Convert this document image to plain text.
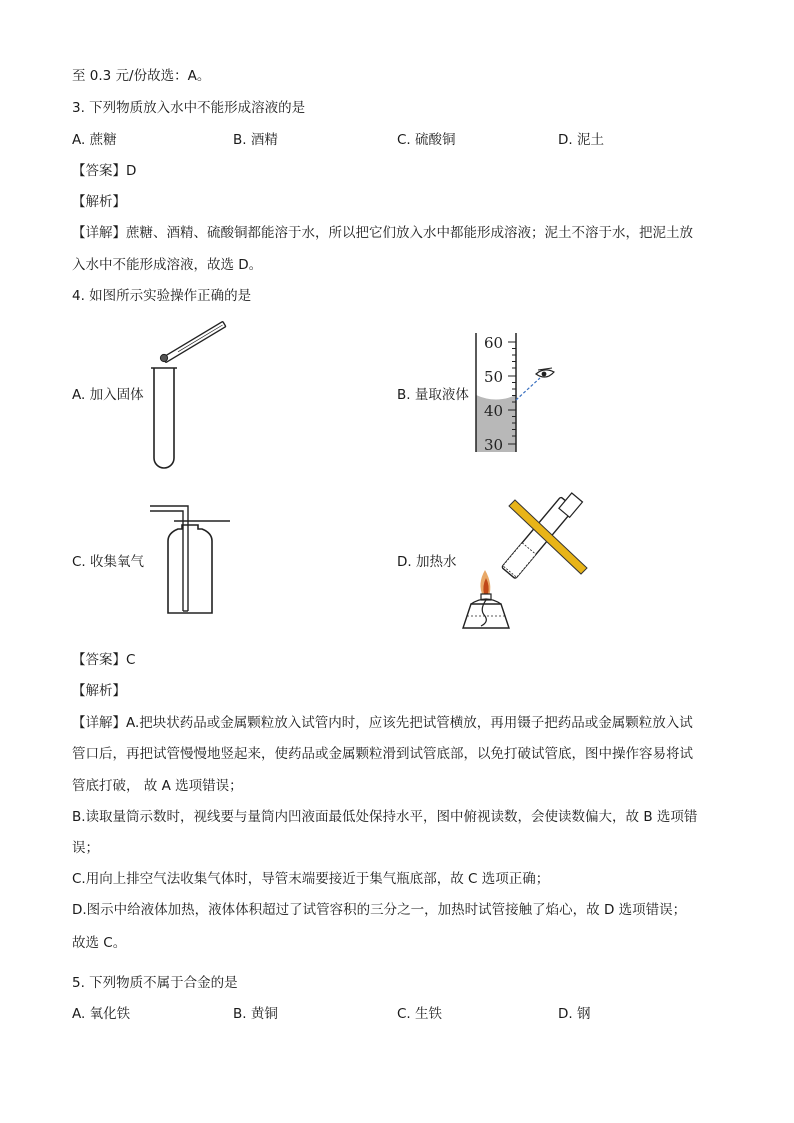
至 0.3 元/份故选：A。
3. 下列物质放入水中不能形成溶液的是
A. 蔗糖	B. 酒精	C. 硫酸铜	D. 泥土
【答案】D
【解析】
【详解】蔗糖、酒精、硫酸铜都能溶于水，所以把它们放入水中都能形成溶液；泥土不溶于水，把泥土放
入水中不能形成溶液，故选 D。
4. 如图所示实验操作正确的是
A. 加入固体	B. 量取液体
60
50
40
30
C. 收集氧气	D. 加热水
【答案】C
【解析】
【详解】A.把块状药品或金属颗粒放入试管内时，应该先把试管横放，再用镊子把药品或金属颗粒放入试
管口后，再把试管慢慢地竖起来，使药品或金属颗粒滑到试管底部，以免打破试管底，图中操作容易将试
管底打破， 故 A 选项错误；
B.读取量筒示数时，视线要与量筒内凹液面最低处保持水平，图中俯视读数，会使读数偏大，故 B 选项错
误；
C.用向上排空气法收集气体时，导管末端要接近于集气瓶底部，故 C 选项正确；
D.图示中给液体加热，液体体积超过了试管容积的三分之一，加热时试管接触了焰心，故 D 选项错误；
故选 C。
5. 下列物质不属于合金的是
A. 氧化铁	B. 黄铜	C. 生铁	D. 钢
